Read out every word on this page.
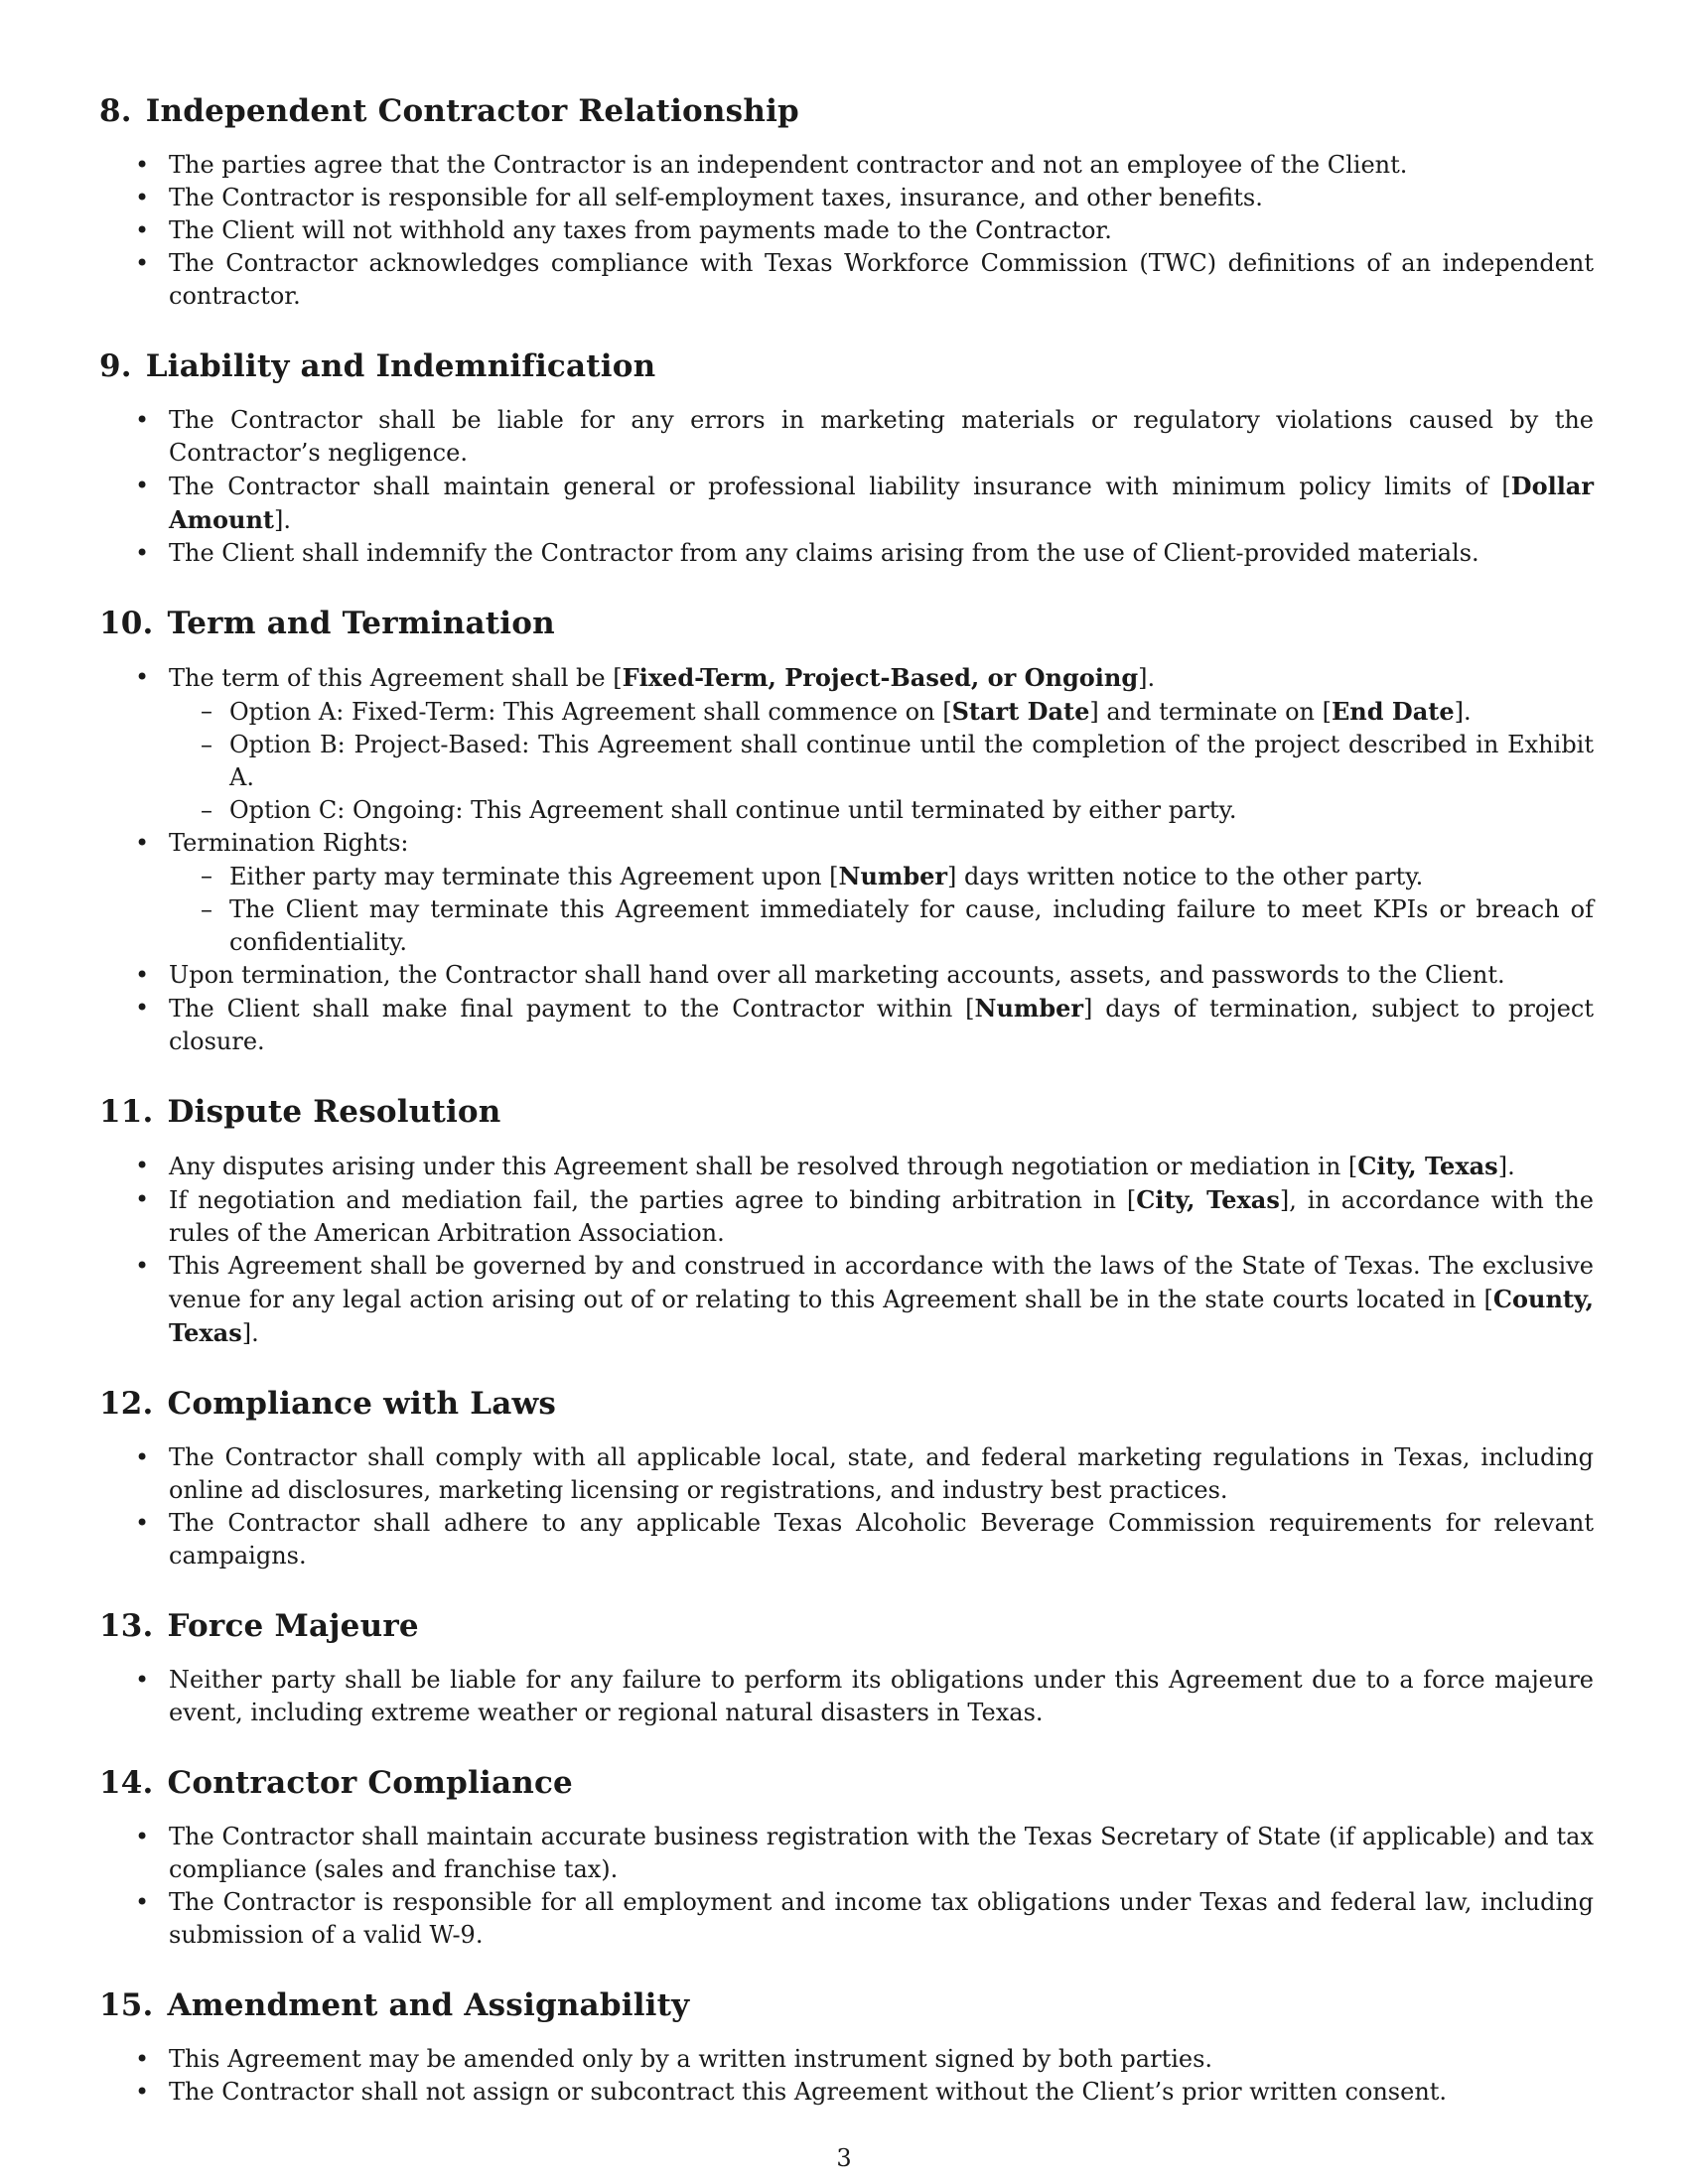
8. Independent Contractor Relationship
• The parties agree that the Contractor is an independent contractor and not an employee of the Client.
• The Contractor is responsible for all self-employment taxes, insurance, and other benefits.
• The Client will not withhold any taxes from payments made to the Contractor.
• The Contractor acknowledges compliance with Texas Workforce Commission (TWC) definitions of an independent contractor.
9. Liability and Indemnification
• The Contractor shall be liable for any errors in marketing materials or regulatory violations caused by the Contractor’s negligence.
• The Contractor shall maintain general or professional liability insurance with minimum policy limits of [Dollar Amount].
• The Client shall indemnify the Contractor from any claims arising from the use of Client-provided materials.
10. Term and Termination
• The term of this Agreement shall be [Fixed-Term, Project-Based, or Ongoing].
– Option A: Fixed-Term: This Agreement shall commence on [Start Date] and terminate on [End Date].
– Option B: Project-Based: This Agreement shall continue until the completion of the project described in Exhibit A.
– Option C: Ongoing: This Agreement shall continue until terminated by either party.
• Termination Rights:
– Either party may terminate this Agreement upon [Number] days written notice to the other party.
– The Client may terminate this Agreement immediately for cause, including failure to meet KPIs or breach of confidentiality.
• Upon termination, the Contractor shall hand over all marketing accounts, assets, and passwords to the Client.
• The Client shall make final payment to the Contractor within [Number] days of termination, subject to project closure.
11. Dispute Resolution
• Any disputes arising under this Agreement shall be resolved through negotiation or mediation in [City, Texas].
• If negotiation and mediation fail, the parties agree to binding arbitration in [City, Texas], in accordance with the rules of the American Arbitration Association.
• This Agreement shall be governed by and construed in accordance with the laws of the State of Texas. The exclusive venue for any legal action arising out of or relating to this Agreement shall be in the state courts located in [County, Texas].
12. Compliance with Laws
• The Contractor shall comply with all applicable local, state, and federal marketing regulations in Texas, including online ad disclosures, marketing licensing or registrations, and industry best practices.
• The Contractor shall adhere to any applicable Texas Alcoholic Beverage Commission requirements for relevant campaigns.
13. Force Majeure
• Neither party shall be liable for any failure to perform its obligations under this Agreement due to a force majeure event, including extreme weather or regional natural disasters in Texas.
14. Contractor Compliance
• The Contractor shall maintain accurate business registration with the Texas Secretary of State (if applicable) and tax compliance (sales and franchise tax).
• The Contractor is responsible for all employment and income tax obligations under Texas and federal law, including submission of a valid W-9.
15. Amendment and Assignability
• This Agreement may be amended only by a written instrument signed by both parties.
• The Contractor shall not assign or subcontract this Agreement without the Client’s prior written consent.
3
